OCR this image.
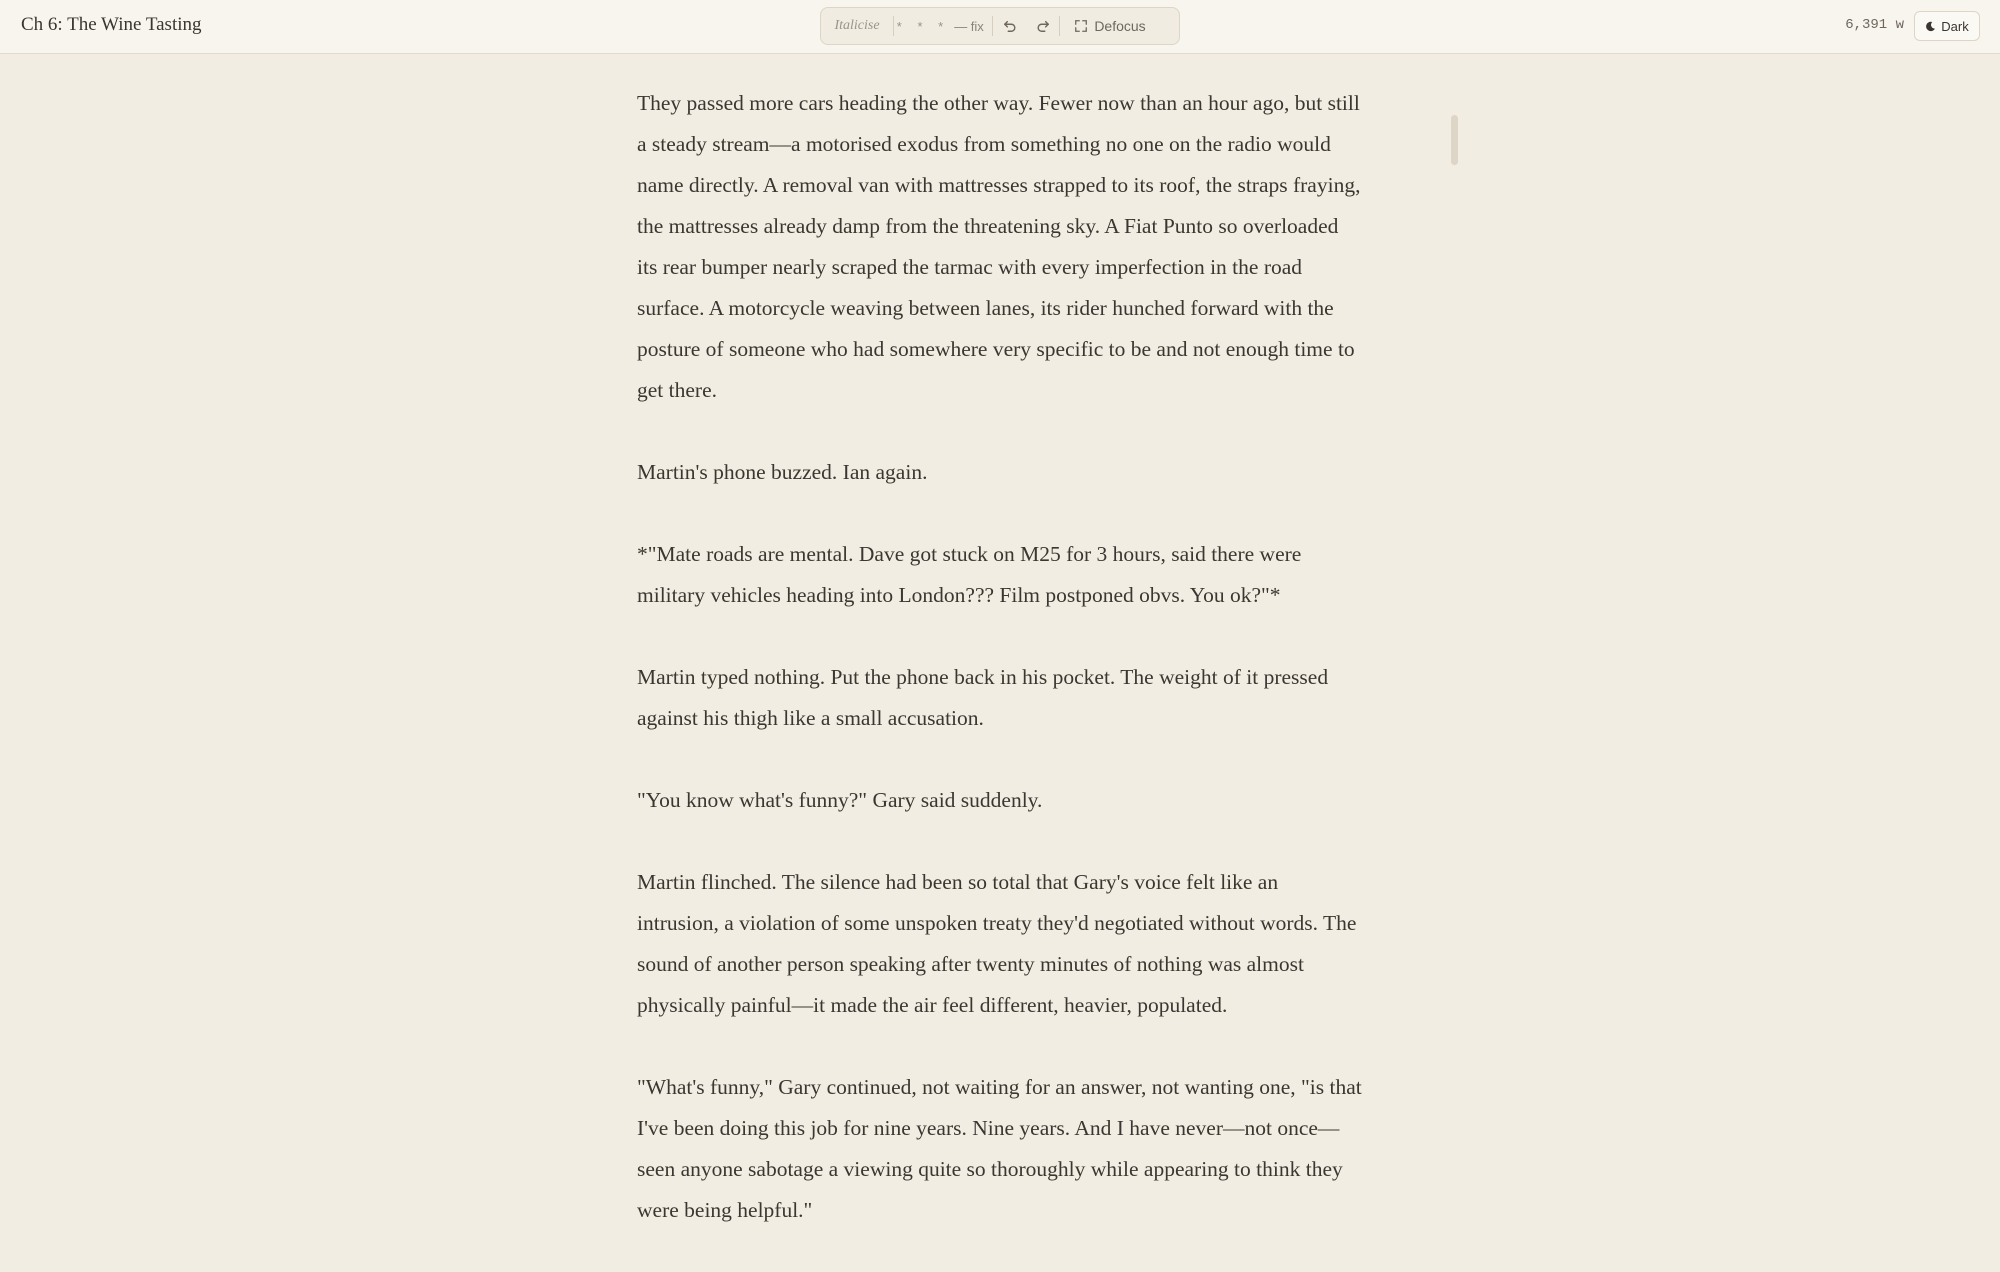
Ch 6: The Wine Tasting	Italicise	* * * — fix	Defocus	6,391 w	Dark

They passed more cars heading the other way. Fewer now than an hour ago, but still a steady stream—a motorised exodus from something no one on the radio would name directly. A removal van with mattresses strapped to its roof, the straps fraying, the mattresses already damp from the threatening sky. A Fiat Punto so overloaded its rear bumper nearly scraped the tarmac with every imperfection in the road surface. A motorcycle weaving between lanes, its rider hunched forward with the posture of someone who had somewhere very specific to be and not enough time to get there.

Martin's phone buzzed. Ian again.

*"Mate roads are mental. Dave got stuck on M25 for 3 hours, said there were military vehicles heading into London??? Film postponed obvs. You ok?"*

Martin typed nothing. Put the phone back in his pocket. The weight of it pressed against his thigh like a small accusation.

"You know what's funny?" Gary said suddenly.

Martin flinched. The silence had been so total that Gary's voice felt like an intrusion, a violation of some unspoken treaty they'd negotiated without words. The sound of another person speaking after twenty minutes of nothing was almost physically painful—it made the air feel different, heavier, populated.

"What's funny," Gary continued, not waiting for an answer, not wanting one, "is that I've been doing this job for nine years. Nine years. And I have never—not once—seen anyone sabotage a viewing quite so thoroughly while appearing to think they were being helpful."
